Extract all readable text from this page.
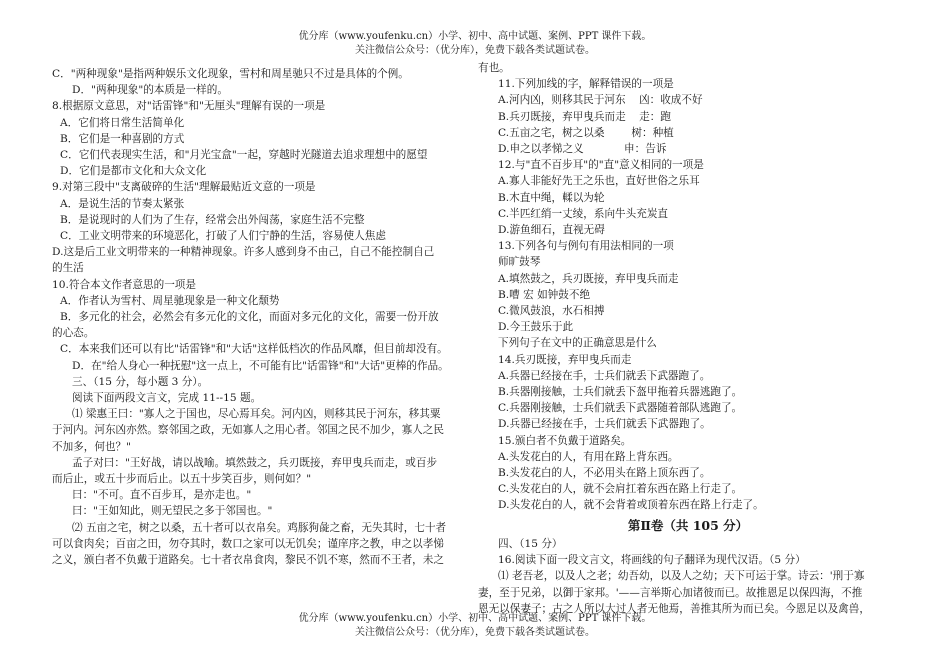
优分库（www.youfenku.cn）小学、初中、高中试题、案例、PPT 课件下载。
关注微信公众号：（优分库），免费下载各类试题试卷。
C．"两种现象"是指两种娱乐文化现象，雪村和周星驰只不过是具体的个例。
D．"两种现象"的本质是一样的。
8.根据原文意思，对"话雷锋"和"无厘头"理解有误的一项是
A．它们将日常生活简单化
B．它们是一种喜剧的方式
C．它们代表现实生活，和"月光宝盒"一起，穿越时光隧道去追求理想中的愿望
D．它们是都市文化和大众文化
9.对第三段中"支离破碎的生活"理解最贴近文意的一项是
A．是说生活的节奏太紧张
B．是说现时的人们为了生存，经常会出外闯荡，家庭生活不完整
C．工业文明带来的环境恶化，打破了人们宁静的生活，容易使人焦虑
D.这是后工业文明带来的一种精神现象。许多人感到身不由己，自己不能控制自己
的生活
10.符合本文作者意思的一项是
A．作者认为雪村、周星驰现象是一种文化颓势
B．多元化的社会，必然会有多元化的文化，而面对多元化的文化，需要一份开放
的心态。
C．本来我们还可以有比"话雷锋"和"大话"这样低档次的作品风靡，但目前却没有。
D．在"给人身心一种抚慰"这一点上，不可能有比"话雷锋"和"大话"更棒的作品。
三、（15 分，每小题 3 分）。
阅读下面两段文言文，完成 11--15 题。
⑴ 梁惠王曰："寡人之于国也，尽心焉耳矣。河内凶，则移其民于河东，移其粟
于河内。河东凶亦然。察邻国之政，无如寡人之用心者。邻国之民不加少，寡人之民
不加多，何也？"
孟子对曰："王好战，请以战喻。填然鼓之，兵刃既接，弃甲曳兵而走，或百步
而后止，或五十步而后止。以五十步笑百步，则何如？"
曰："不可。直不百步耳，是亦走也。"
曰："王如知此，则无望民之多于邻国也。"
⑵ 五亩之宅，树之以桑，五十者可以衣帛矣。鸡豚狗彘之畜，无失其时，七十者
可以食肉矣；百亩之田，勿夺其时，数口之家可以无饥矣；谨庠序之教，申之以孝悌
之义，颁白者不负戴于道路矣。七十者衣帛食肉，黎民不饥不寒，然而不王者，未之
有也。
11.下列加线的字，解释错误的一项是
A.河内凶，则移其民于河东    凶：收成不好
B.兵刃既接，弃甲曳兵而走    走：跑
C.五亩之宅，树之以桑        树：种植
D.申之以孝悌之义            申：告诉
12.与"直不百步耳"的"直"意义相同的一项是
A.寡人非能好先王之乐也，直好世俗之乐耳
B.木直中绳，輮以为轮
C.半匹红绡一丈绫，系向牛头充炭直
D.游鱼细石，直视无碍
13.下列各句与例句有用法相同的一项
师旷鼓琴
A.填然鼓之，兵刃既接，弃甲曳兵而走
B.嘈 宏 如钟鼓不绝
C.微风鼓浪，水石相搏
D.今王鼓乐于此
下列句子在文中的正确意思是什么
14.兵刃既接，弃甲曳兵而走
A.兵器已经接在手，士兵们就丢下武器跑了。
B.兵器刚接触，士兵们就丢下盔甲拖着兵器逃跑了。
C.兵器刚接触，士兵们就丢下武器随着部队逃跑了。
D.兵器已经接在手，士兵们就丢下武器跑了。
15.颁白者不负戴于道路矣。
A.头发花白的人，有用在路上背东西。
B.头发花白的人，不必用头在路上顶东西了。
C.头发花白的人，就不会肩扛着东西在路上行走了。
D.头发花白的人，就不会背着或顶着东西在路上行走了。
第Ⅱ卷（共 105 分）
四、（15 分）
16.阅读下面一段文言文，将画线的句子翻译为现代汉语。（5 分）
⑴ 老吾老，以及人之老；幼吾幼，以及人之幼；天下可运于掌。诗云：'刑于寡
妻，至于兄弟，以御于家邦。'——言举斯心加诸彼而已。故推恩足以保四海，不推
恩无以保妻子；古之人所以大过人者无他焉，善推其所为而已矣。今恩足以及禽兽，
优分库（www.youfenku.cn）小学、初中、高中试题、案例、PPT 课件下载。
关注微信公众号：（优分库），免费下载各类试题试卷。
